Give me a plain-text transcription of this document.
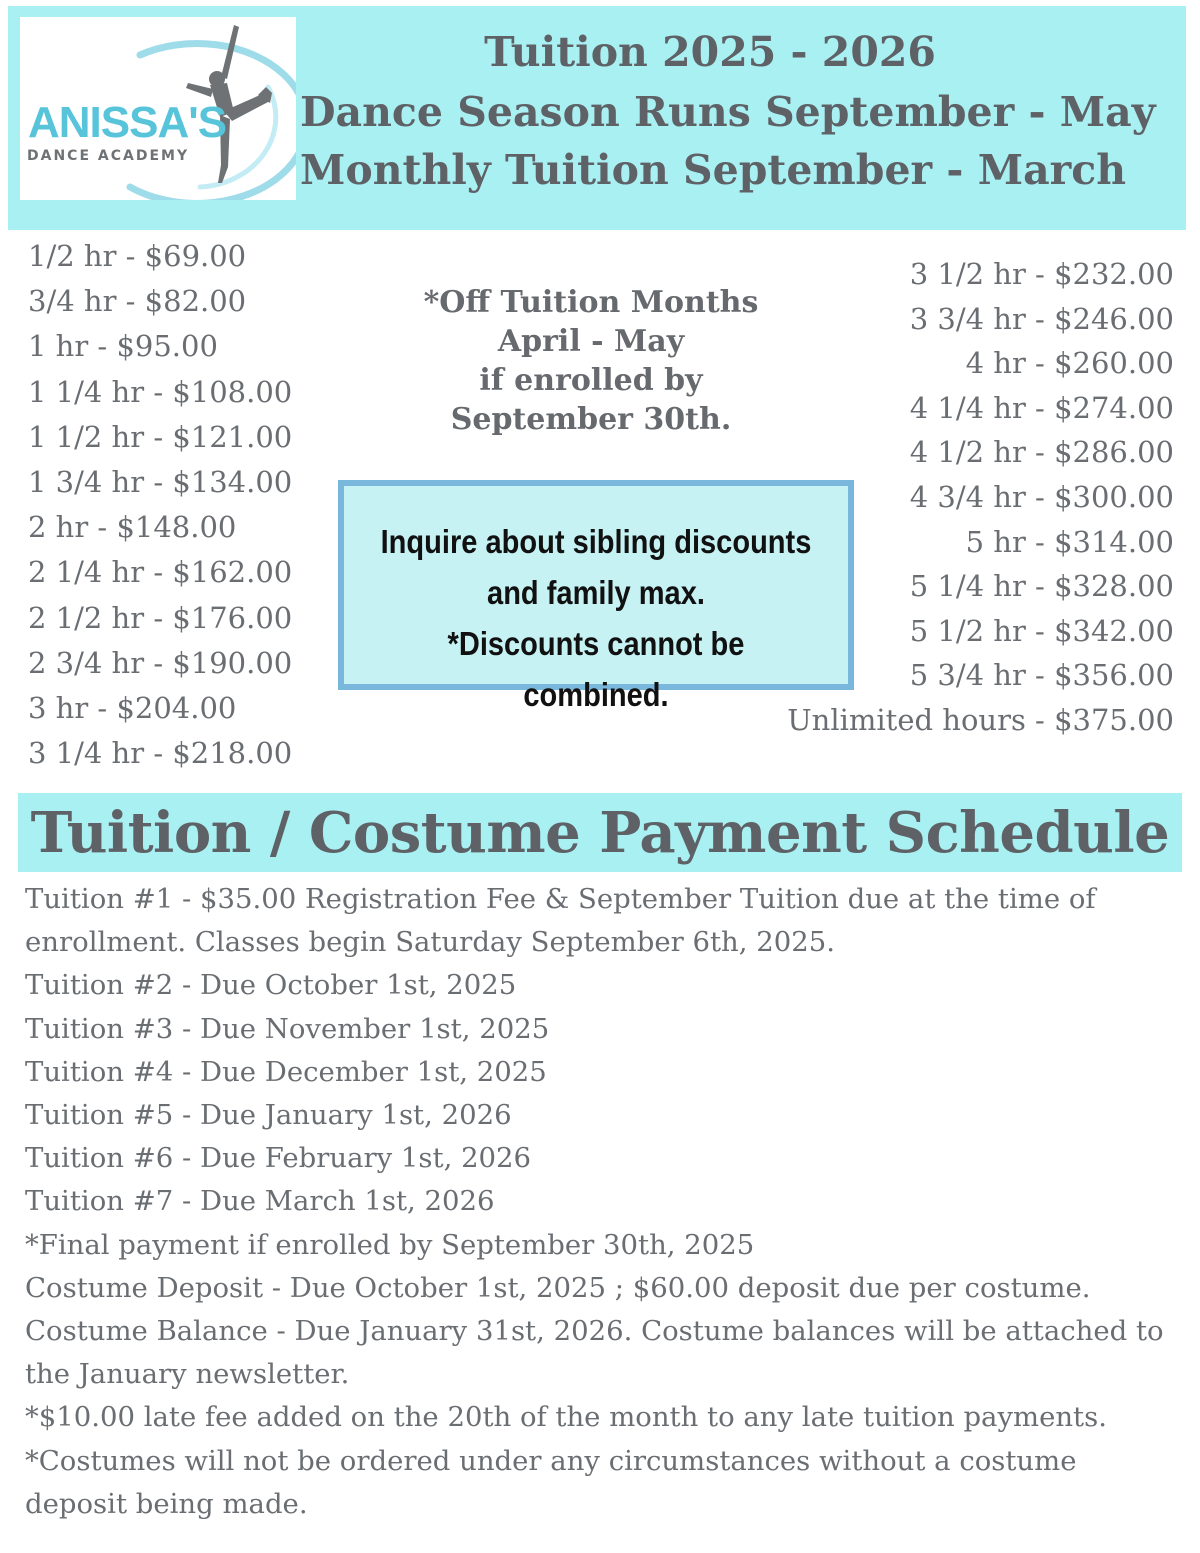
ANISSA'S
DANCE ACADEMY
Tuition 2025 - 2026
Dance Season Runs September - May
Monthly Tuition September - March
1/2 hr - $69.00
3/4 hr - $82.00
1 hr - $95.00
1 1/4 hr - $108.00
1 1/2 hr - $121.00
1 3/4 hr - $134.00
2 hr - $148.00
2 1/4 hr - $162.00
2 1/2 hr - $176.00
2 3/4 hr - $190.00
3 hr - $204.00
3 1/4 hr - $218.00
3 1/2 hr - $232.00
3 3/4 hr - $246.00
4 hr - $260.00
4 1/4 hr - $274.00
4 1/2 hr - $286.00
4 3/4 hr - $300.00
5 hr - $314.00
5 1/4 hr - $328.00
5 1/2 hr - $342.00
5 3/4 hr - $356.00
Unlimited hours - $375.00
*Off Tuition Months
April - May
if enrolled by
September 30th.
Inquire about sibling discounts
and family max.
*Discounts cannot be combined.
Tuition / Costume Payment Schedule
Tuition #1 - $35.00 Registration Fee & September Tuition due at the time of enrollment. Classes begin Saturday September 6th, 2025.
Tuition #2 - Due October 1st, 2025
Tuition #3 - Due November 1st, 2025
Tuition #4 - Due December 1st, 2025
Tuition #5 - Due January 1st, 2026
Tuition #6 - Due February 1st, 2026
Tuition #7 - Due March 1st, 2026
*Final payment if enrolled by September 30th, 2025
Costume Deposit - Due October 1st, 2025 ; $60.00 deposit due per costume.
Costume Balance - Due January 31st, 2026. Costume balances will be attached to the January newsletter.
*$10.00 late fee added on the 20th of the month to any late tuition payments.
*Costumes will not be ordered under any circumstances without a costume deposit being made.
